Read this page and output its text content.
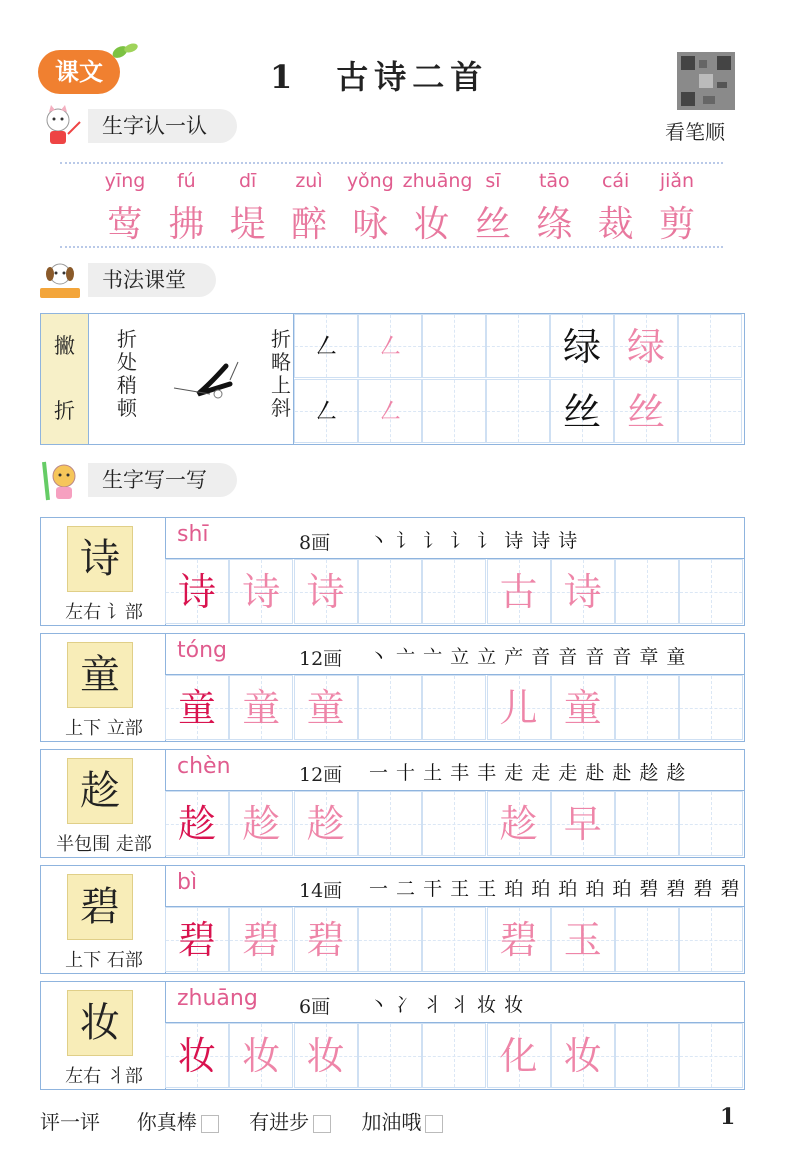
课文	1　古诗二首
看笔顺
生字认一认
yīng	fú	dī	zuì	yǒng zhuāng sī	tāo	cái	jiǎn
莺 拂 堤 醉 咏 妆 丝 绦 裁 剪
书法课堂
撇
折
折处稍顿
折略上斜
㇜	㇜	绿 绿
㇜	㇜	丝 丝
生字写一写
诗
左右 讠部
shī	8画 丶 讠 讠 讠 讠 诗 诗 诗
诗 诗 诗	古 诗
童
上下 立部
tóng	12画 丶 亠 亠 立 立 产 音 音 音 音 章 童
童 童 童	儿 童
趁
半包围 走部
chèn	12画 一 十 土 丰 丰 走 走 走 赴 赴 趁 趁
趁 趁 趁	趁 早
碧
上下 石部
bì	14画 一 二 干 王 王 珀 珀 珀 珀 珀 碧 碧 碧 碧
碧 碧 碧	碧 玉
妆
左右 丬部
zhuāng 6画 丶 冫 丬 丬 妆 妆
妆 妆 妆	化 妆
评一评 你真棒	有进步	加油哦	1
